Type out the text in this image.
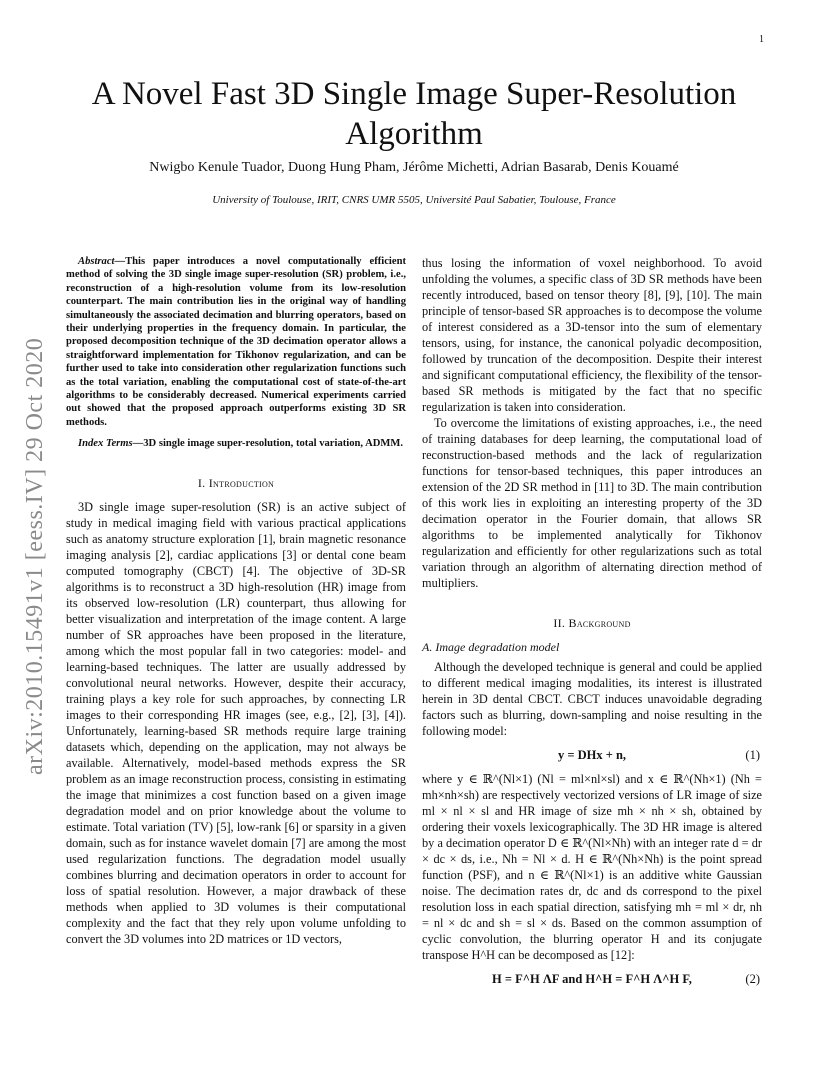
1
arXiv:2010.15491v1 [eess.IV] 29 Oct 2020
A Novel Fast 3D Single Image Super-Resolution Algorithm
Nwigbo Kenule Tuador, Duong Hung Pham, Jérôme Michetti, Adrian Basarab, Denis Kouamé
University of Toulouse, IRIT, CNRS UMR 5505, Université Paul Sabatier, Toulouse, France

Abstract—This paper introduces a novel computationally efficient method of solving the 3D single image super-resolution (SR) problem, i.e., reconstruction of a high-resolution volume from its low-resolution counterpart. The main contribution lies in the original way of handling simultaneously the associated decimation and blurring operators, based on their underlying properties in the frequency domain. In particular, the proposed decomposition technique of the 3D decimation operator allows a straightforward implementation for Tikhonov regularization, and can be further used to take into consideration other regularization functions such as the total variation, enabling the computational cost of state-of-the-art algorithms to be considerably decreased. Numerical experiments carried out showed that the proposed approach outperforms existing 3D SR methods.

Index Terms—3D single image super-resolution, total variation, ADMM.

I. Introduction

3D single image super-resolution (SR) is an active subject of study in medical imaging field with various practical applications such as anatomy structure exploration [1], brain magnetic resonance imaging analysis [2], cardiac applications [3] or dental cone beam computed tomography (CBCT) [4]. The objective of 3D-SR algorithms is to reconstruct a 3D high-resolution (HR) image from its observed low-resolution (LR) counterpart, thus allowing for better visualization and interpretation of the image content. A large number of SR approaches have been proposed in the literature, among which the most popular fall in two categories: model- and learning-based techniques. The latter are usually addressed by convolutional neural networks. However, despite their accuracy, training plays a key role for such approaches, by connecting LR images to their corresponding HR images (see, e.g., [2], [3], [4]). Unfortunately, learning-based SR methods require large training datasets which, depending on the application, may not always be available. Alternatively, model-based methods express the SR problem as an image reconstruction process, consisting in estimating the image that minimizes a cost function based on a given image degradation model and on prior knowledge about the volume to estimate. Total variation (TV) [5], low-rank [6] or sparsity in a given domain, such as for instance wavelet domain [7] are among the most used regularization functions. The degradation model usually combines blurring and decimation operators in order to account for loss of spatial resolution. However, a major drawback of these methods when applied to 3D volumes is their computational complexity and the fact that they rely upon volume unfolding to convert the 3D volumes into 2D matrices or 1D vectors,

thus losing the information of voxel neighborhood. To avoid unfolding the volumes, a specific class of 3D SR methods have been recently introduced, based on tensor theory [8], [9], [10]. The main principle of tensor-based SR approaches is to decompose the volume of interest considered as a 3D-tensor into the sum of elementary tensors, using, for instance, the canonical polyadic decomposition, followed by truncation of the decomposition. Despite their interest and significant computational efficiency, the flexibility of the tensor-based SR methods is mitigated by the fact that no specific regularization is taken into consideration.

To overcome the limitations of existing approaches, i.e., the need of training databases for deep learning, the computational load of reconstruction-based methods and the lack of regularization functions for tensor-based techniques, this paper introduces an extension of the 2D SR method in [11] to 3D. The main contribution of this work lies in exploiting an interesting property of the 3D decimation operator in the Fourier domain, that allows SR algorithms to be implemented analytically for Tikhonov regularization and efficiently for other regularizations such as total variation through an algorithm of alternating direction method of multipliers.

II. Background
A. Image degradation model

Although the developed technique is general and could be applied to different medical imaging modalities, its interest is illustrated herein in 3D dental CBCT. CBCT induces unavoidable degrading factors such as blurring, down-sampling and noise resulting in the following model:

y = DHx + n,	(1)

where y ∈ ℝ^(Nl×1) (Nl = ml×nl×sl) and x ∈ ℝ^(Nh×1) (Nh = mh×nh×sh) are respectively vectorized versions of LR image of size ml × nl × sl and HR image of size mh × nh × sh, obtained by ordering their voxels lexicographically. The 3D HR image is altered by a decimation operator D ∈ ℝ^(Nl×Nh) with an integer rate d = dr × dc × ds, i.e., Nh = Nl × d. H ∈ ℝ^(Nh×Nh) is the point spread function (PSF), and n ∈ ℝ^(Nl×1) is an additive white Gaussian noise. The decimation rates dr, dc and ds correspond to the pixel resolution loss in each spatial direction, satisfying mh = ml × dr, nh = nl × dc and sh = sl × ds. Based on the common assumption of cyclic convolution, the blurring operator H and its conjugate transpose H^H can be decomposed as [12]:

H = F^H ΛF and H^H = F^H Λ^H F,	(2)
